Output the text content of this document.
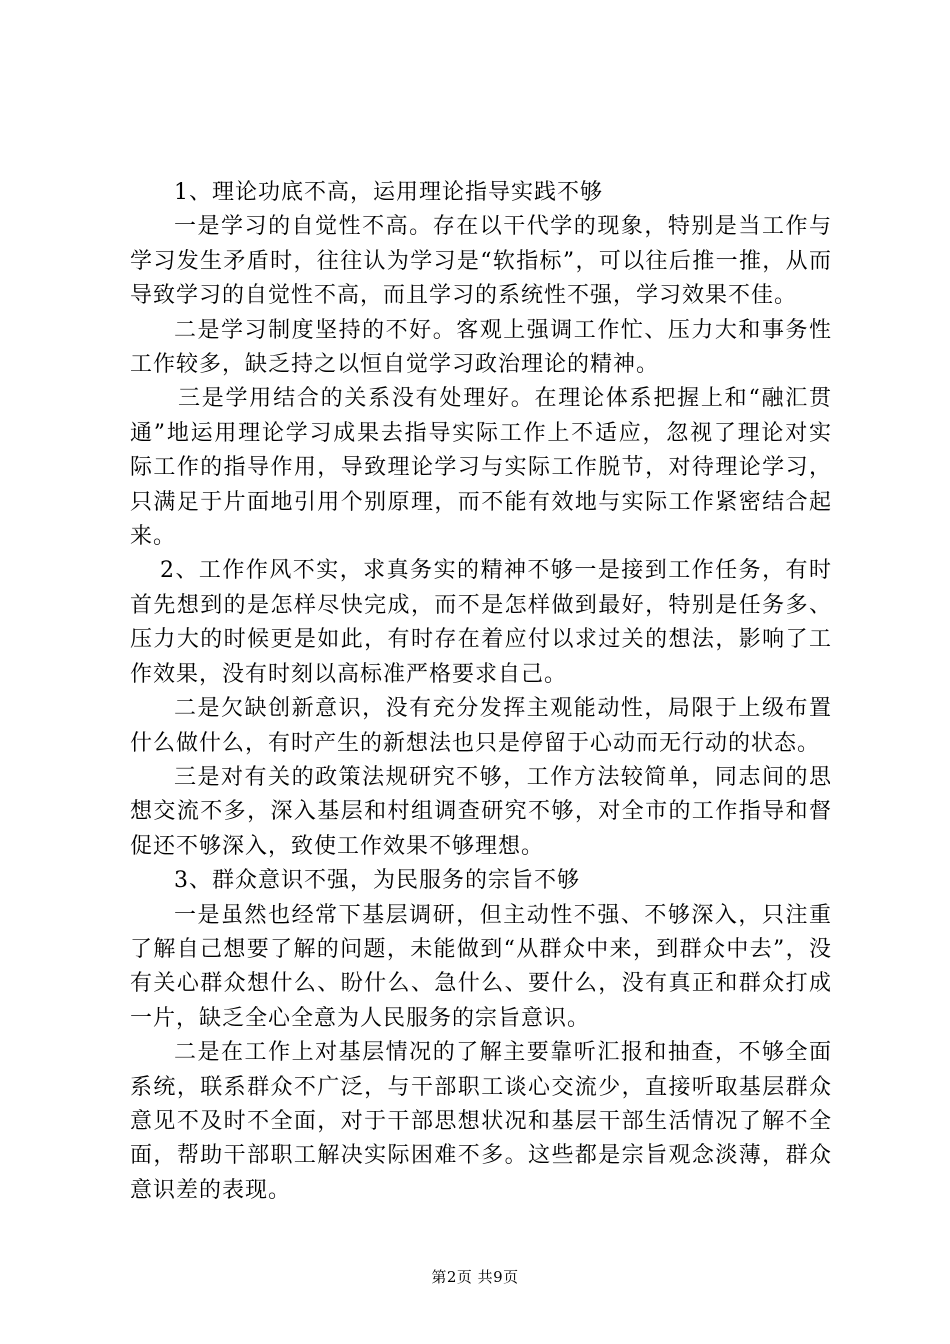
1、理论功底不高，运用理论指导实践不够

一是学习的自觉性不高。存在以干代学的现象，特别是当工作与学习发生矛盾时，往往认为学习是“软指标”，可以往后推一推，从而导致学习的自觉性不高，而且学习的系统性不强，学习效果不佳。

二是学习制度坚持的不好。客观上强调工作忙、压力大和事务性工作较多，缺乏持之以恒自觉学习政治理论的精神。

三是学用结合的关系没有处理好。在理论体系把握上和“融汇贯通”地运用理论学习成果去指导实际工作上不适应，忽视了理论对实际工作的指导作用，导致理论学习与实际工作脱节，对待理论学习，只满足于片面地引用个别原理，而不能有效地与实际工作紧密结合起来。

2、工作作风不实，求真务实的精神不够一是接到工作任务，有时首先想到的是怎样尽快完成，而不是怎样做到最好，特别是任务多、压力大的时候更是如此，有时存在着应付以求过关的想法，影响了工作效果，没有时刻以高标准严格要求自己。

二是欠缺创新意识，没有充分发挥主观能动性，局限于上级布置什么做什么，有时产生的新想法也只是停留于心动而无行动的状态。

三是对有关的政策法规研究不够，工作方法较简单，同志间的思想交流不多，深入基层和村组调查研究不够，对全市的工作指导和督促还不够深入，致使工作效果不够理想。

3、群众意识不强，为民服务的宗旨不够

一是虽然也经常下基层调研，但主动性不强、不够深入，只注重了解自己想要了解的问题，未能做到“从群众中来，到群众中去”，没有关心群众想什么、盼什么、急什么、要什么，没有真正和群众打成一片，缺乏全心全意为人民服务的宗旨意识。

二是在工作上对基层情况的了解主要靠听汇报和抽查，不够全面系统，联系群众不广泛，与干部职工谈心交流少，直接听取基层群众意见不及时不全面，对于干部思想状况和基层干部生活情况了解不全面，帮助干部职工解决实际困难不多。这些都是宗旨观念淡薄，群众意识差的表现。

第2页 共9页
